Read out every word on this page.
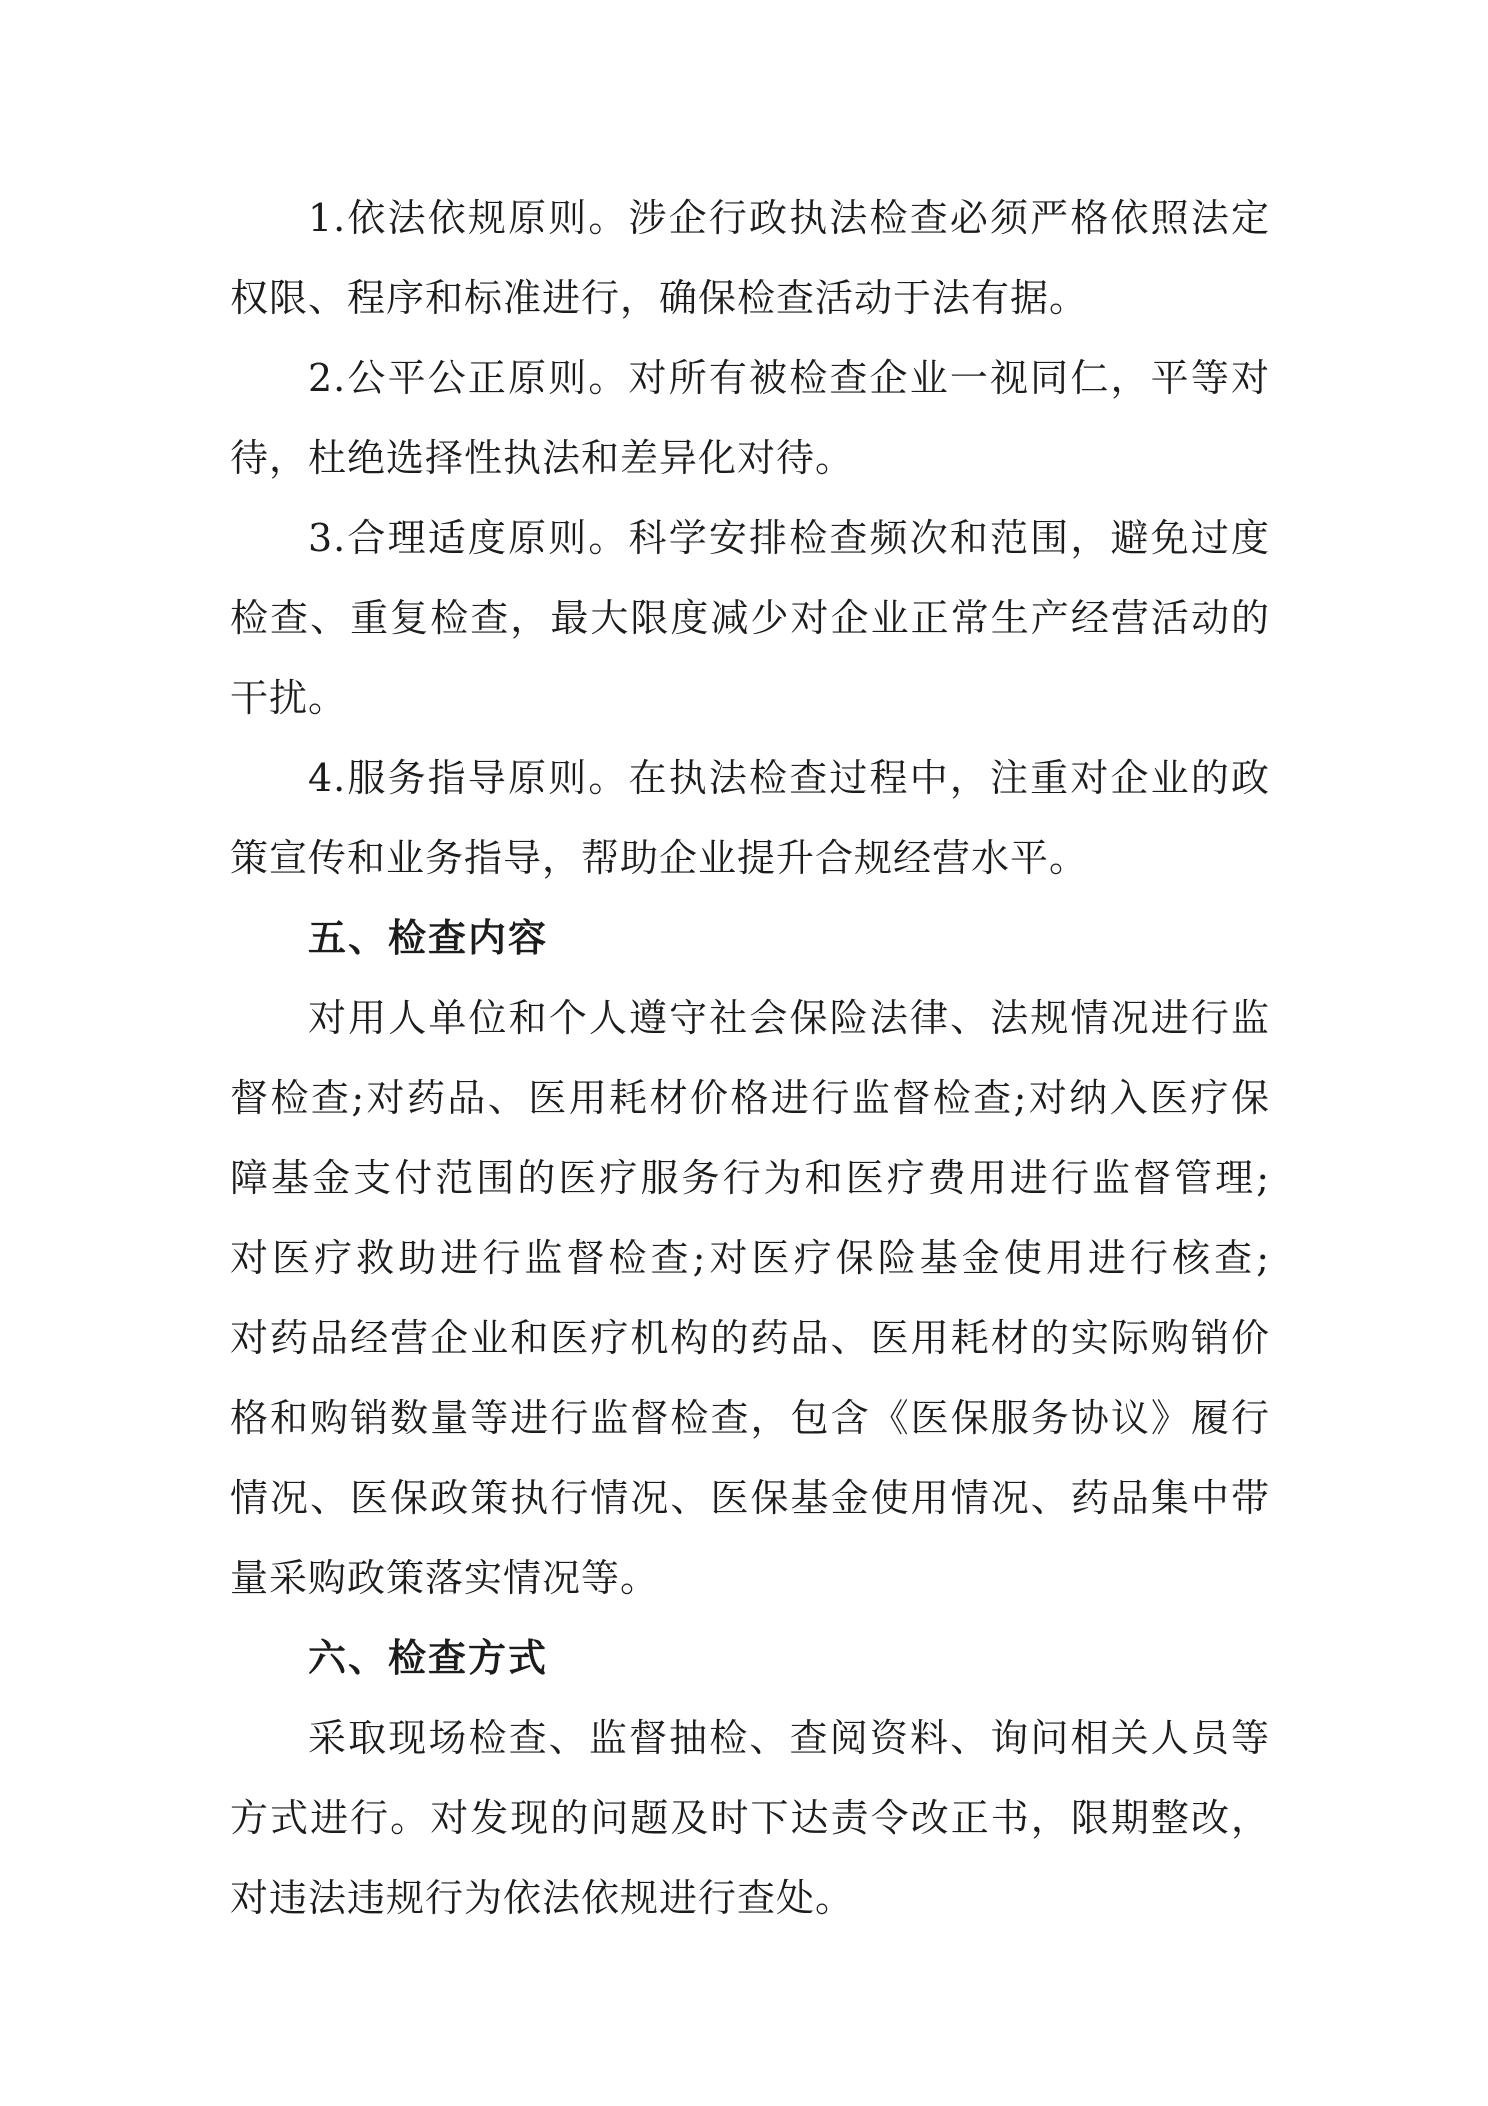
1.依法依规原则。涉企行政执法检查必须严格依照法定
权限、程序和标准进行，确保检查活动于法有据。
2.公平公正原则。对所有被检查企业一视同仁，平等对
待，杜绝选择性执法和差异化对待。
3.合理适度原则。科学安排检查频次和范围，避免过度
检查、重复检查，最大限度减少对企业正常生产经营活动的
干扰。
4.服务指导原则。在执法检查过程中，注重对企业的政
策宣传和业务指导，帮助企业提升合规经营水平。
五、检查内容
对用人单位和个人遵守社会保险法律、法规情况进行监
督检查;对药品、医用耗材价格进行监督检查;对纳入医疗保
障基金支付范围的医疗服务行为和医疗费用进行监督管理;
对医疗救助进行监督检查;对医疗保险基金使用进行核查;
对药品经营企业和医疗机构的药品、医用耗材的实际购销价
格和购销数量等进行监督检查，包含《医保服务协议》履行
情况、医保政策执行情况、医保基金使用情况、药品集中带
量采购政策落实情况等。
六、检查方式
采取现场检查、监督抽检、查阅资料、询问相关人员等
方式进行。对发现的问题及时下达责令改正书，限期整改，
对违法违规行为依法依规进行查处。
